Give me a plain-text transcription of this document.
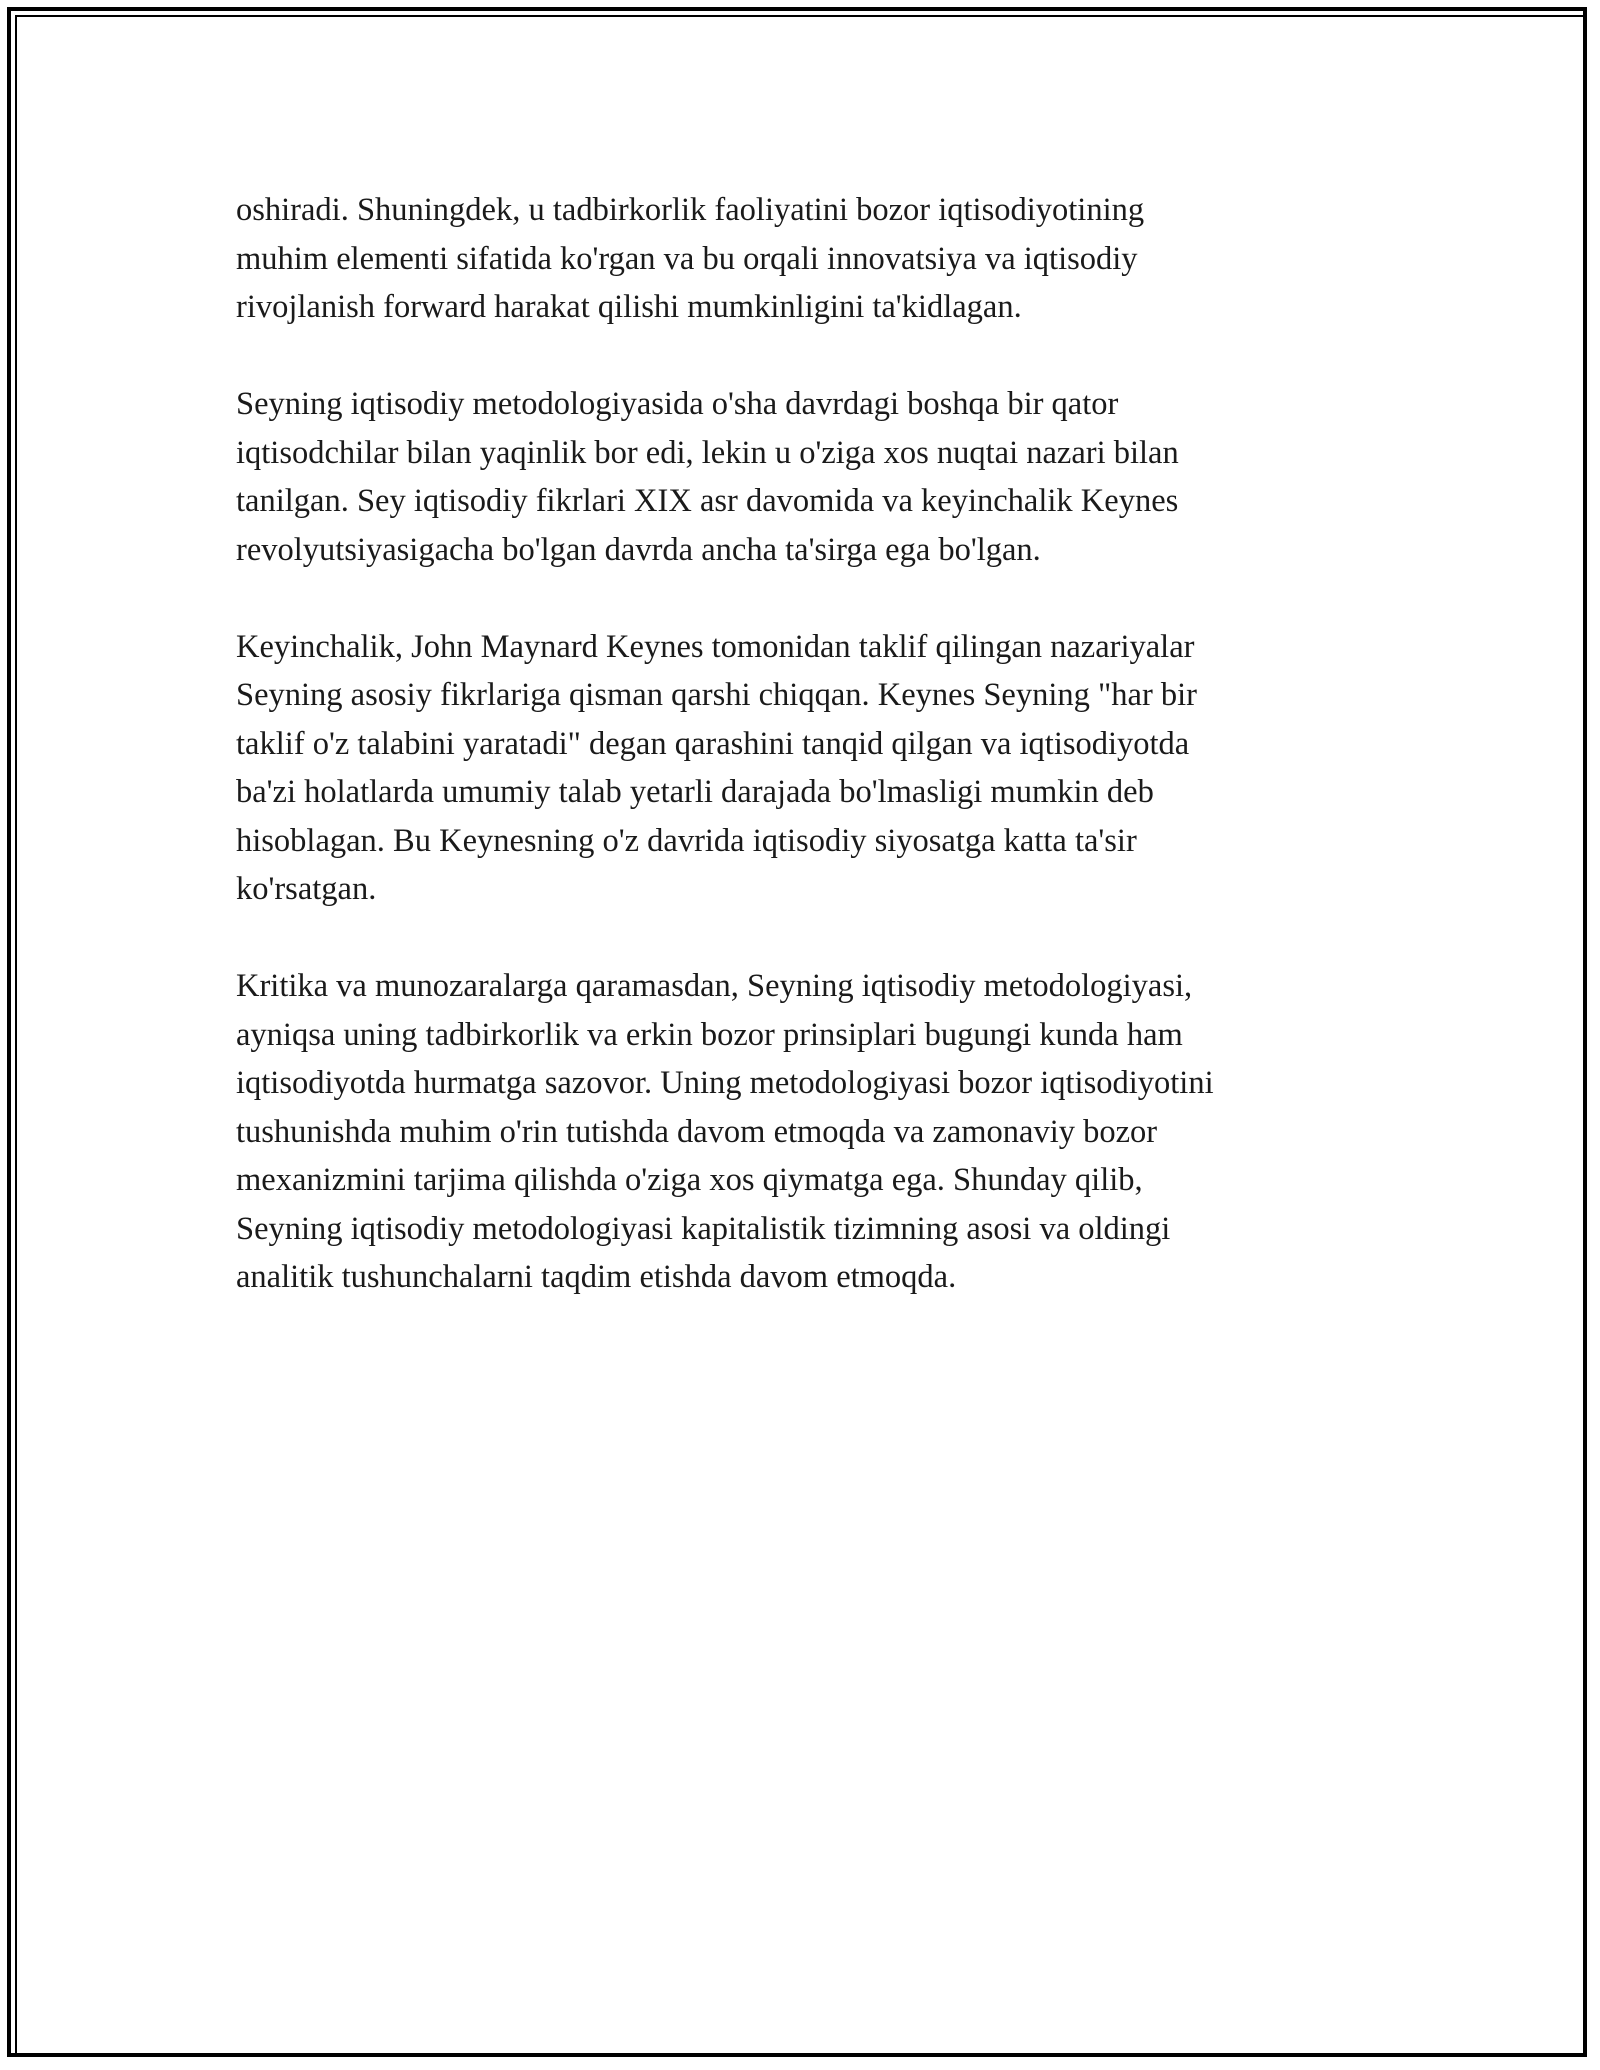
oshiradi. Shuningdek, u tadbirkorlik faoliyatini bozor iqtisodiyotining
muhim elementi sifatida ko'rgan va bu orqali innovatsiya va iqtisodiy
rivojlanish forward harakat qilishi mumkinligini ta'kidlagan.

Seyning iqtisodiy metodologiyasida o'sha davrdagi boshqa bir qator
iqtisodchilar bilan yaqinlik bor edi, lekin u o'ziga xos nuqtai nazari bilan
tanilgan. Sey iqtisodiy fikrlari XIX asr davomida va keyinchalik Keynes
revolyutsiyasigacha bo'lgan davrda ancha ta'sirga ega bo'lgan.

Keyinchalik, John Maynard Keynes tomonidan taklif qilingan nazariyalar
Seyning asosiy fikrlariga qisman qarshi chiqqan. Keynes Seyning "har bir
taklif o'z talabini yaratadi" degan qarashini tanqid qilgan va iqtisodiyotda
ba'zi holatlarda umumiy talab yetarli darajada bo'lmasligi mumkin deb
hisoblagan. Bu Keynesning o'z davrida iqtisodiy siyosatga katta ta'sir
ko'rsatgan.

Kritika va munozaralarga qaramasdan, Seyning iqtisodiy metodologiyasi,
ayniqsa uning tadbirkorlik va erkin bozor prinsiplari bugungi kunda ham
iqtisodiyotda hurmatga sazovor. Uning metodologiyasi bozor iqtisodiyotini
tushunishda muhim o'rin tutishda davom etmoqda va zamonaviy bozor
mexanizmini tarjima qilishda o'ziga xos qiymatga ega. Shunday qilib,
Seyning iqtisodiy metodologiyasi kapitalistik tizimning asosi va oldingi
analitik tushunchalarni taqdim etishda davom etmoqda.
